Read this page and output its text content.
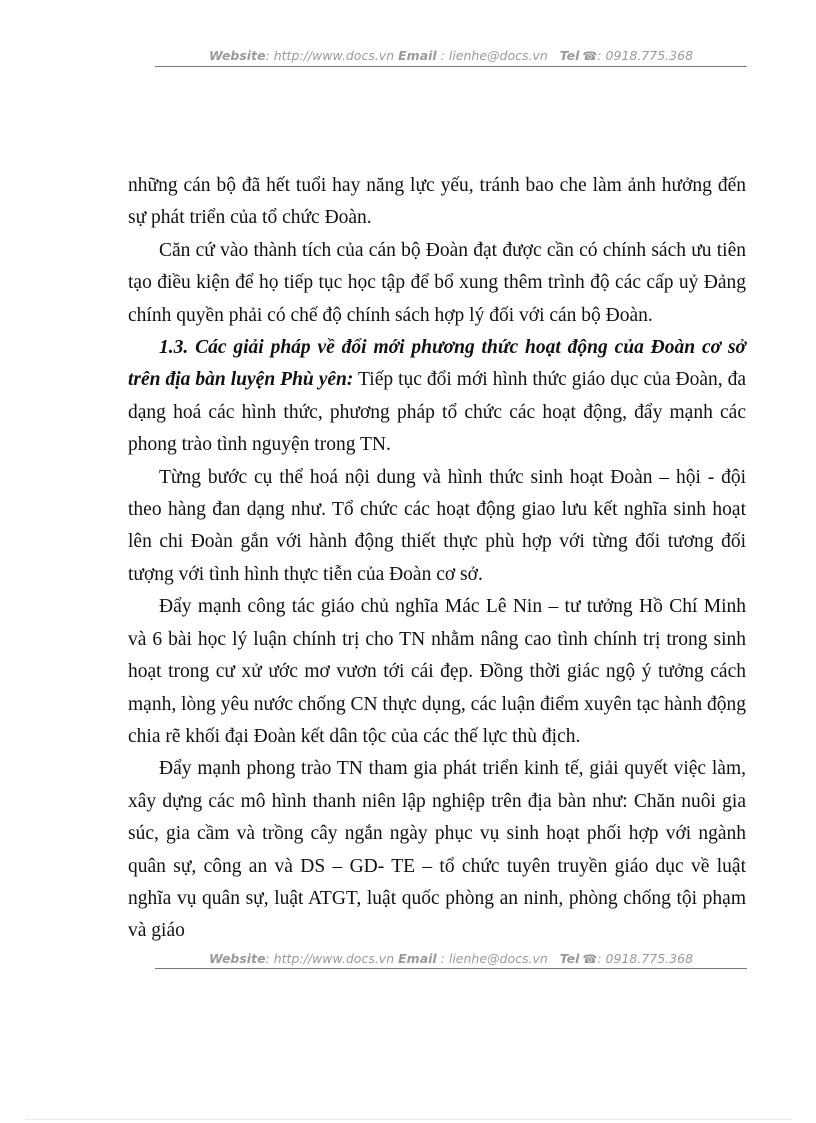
Website: http://www.docs.vn Email : lienhe@docs.vn Tel ☎: 0918.775.368

những cán bộ đã hết tuổi hay năng lực yếu, tránh bao che làm ảnh hưởng đến sự phát triển của tổ chức Đoàn.

Căn cứ vào thành tích của cán bộ Đoàn đạt được cần có chính sách ưu tiên tạo điều kiện để họ tiếp tục học tập để bổ xung thêm trình độ các cấp uỷ Đảng chính quyền phải có chế độ chính sách hợp lý đối với cán bộ Đoàn.

1.3. Các giải pháp về đổi mới phương thức hoạt động của Đoàn cơ sở trên địa bàn luyện Phù yên: Tiếp tục đổi mới hình thức giáo dục của Đoàn, đa dạng hoá các hình thức, phương pháp tổ chức các hoạt động, đẩy mạnh các phong trào tình nguyện trong TN.

Từng bước cụ thể hoá nội dung và hình thức sinh hoạt Đoàn – hội - đội theo hàng đan dạng như. Tổ chức các hoạt động giao lưu kết nghĩa sinh hoạt lên chi Đoàn gắn với hành động thiết thực phù hợp với từng đối tương đối tượng với tình hình thực tiễn của Đoàn cơ sở.

Đẩy mạnh công tác giáo chủ nghĩa Mác Lê Nin – tư tưởng Hồ Chí Minh và 6 bài học lý luận chính trị cho TN nhằm nâng cao tình chính trị trong sinh hoạt trong cư xử ước mơ vươn tới cái đẹp. Đồng thời giác ngộ ý tưởng cách mạnh, lòng yêu nước chống CN thực dụng, các luận điểm xuyên tạc hành động chia rẽ khối đại Đoàn kết dân tộc của các thế lực thù địch.

Đẩy mạnh phong trào TN tham gia phát triển kinh tế, giải quyết việc làm, xây dựng các mô hình thanh niên lập nghiệp trên địa bàn như: Chăn nuôi gia súc, gia cầm và trồng cây ngắn ngày phục vụ sinh hoạt phối hợp với ngành quân sự, công an và DS – GD- TE – tổ chức tuyên truyền giáo dục về luật nghĩa vụ quân sự, luật ATGT, luật quốc phòng an ninh, phòng chống tội phạm và giáo

Website: http://www.docs.vn Email : lienhe@docs.vn Tel ☎: 0918.775.368
